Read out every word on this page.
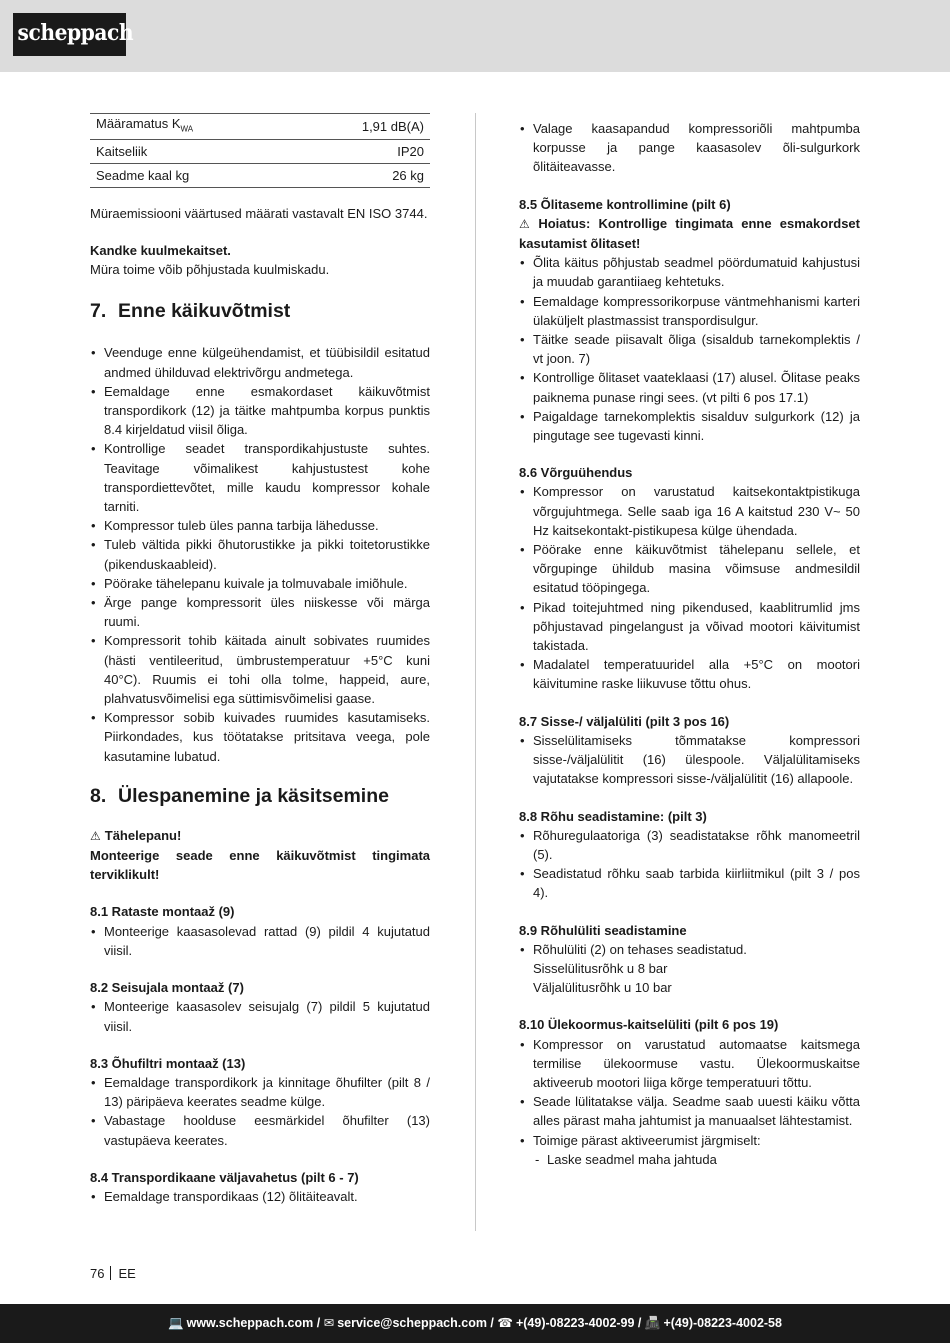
scheppach
Määramatus $K_{WA}$	1,91 dB(A)
Kaitseliik	IP20
Seadme kaal kg	26 kg

Müraemissiooni väärtused määrati vastavalt EN ISO 3744.

Kandke kuulmekaitset.

Müra toime võib põhjustada kuulmiskadu.

7. Enne käikuvõtmist
• Veenduge enne külgeühendamist, et tüübisildil esitatud andmed ühilduvad elektrivõrgu andmetega.
• Eemaldage enne esmakordaset käikuvõtmist transpordikork (12) ja täitke mahtpumba korpus punktis 8.4 kirjeldatud viisil õliga.
• Kontrollige seadet transpordikahjustuste suhtes. Teavitage võimalikest kahjustustest kohe transpordiettevõtet, mille kaudu kompressor kohale tarniti.
• Kompressor tuleb üles panna tarbija lähedusse.
• Tuleb vältida pikki õhutorustikke ja pikki toitetorustikke (pikenduskaableid).
• Pöörake tähelepanu kuivale ja tolmuvabale imiõhule.
• Ärge pange kompressorit üles niiskesse või märga ruumi.
• Kompressorit tohib käitada ainult sobivates ruumides (hästi ventileeritud, ümbrustemperatuur +5°C kuni 40°C). Ruumis ei tohi olla tolme, happeid, aure, plahvatusvõimelisi ega süttimisvõimelisi gaase.
• Kompressor sobib kuivades ruumides kasutamiseks. Piirkondades, kus töötatakse pritsitava veega, pole kasutamine lubatud.
8. Ülespanemine ja käsitsemine

⚠ Tähelepanu!

Monteerige seade enne käikuvõtmist tingimata terviklikult!

8.1 Rataste montaaž (9)
• Monteerige kaasasolevad rattad (9) pildil 4 kujutatud viisil.
8.2 Seisujala montaaž (7)
• Monteerige kaasasolev seisujalg (7) pildil 5 kujutatud viisil.
8.3 Õhufiltri montaaž (13)
• Eemaldage transpordikork ja kinnitage õhufilter (pilt 8 / 13) päripäeva keerates seadme külge.
• Vabastage hoolduse eesmärkidel õhufilter (13) vastupäeva keerates.
8.4 Transpordikaane väljavahetus (pilt 6 - 7)
• Eemaldage transpordikaas (12) õlitäiteavalt.
• Valage kaasapandud kompressoriõli mahtpumba korpusse ja pange kaasasolev õli-sulgurkork õlitäiteavasse.
8.5 Õlitaseme kontrollimine (pilt 6)

⚠ Hoiatus: Kontrollige tingimata enne esmakordset kasutamist õlitaset!

• Õlita käitus põhjustab seadmel pöördumatuid kahjustusi ja muudab garantiiaeg kehtetuks.
• Eemaldage kompressorikorpuse väntmehhanismi karteri ülaküljelt plastmassist transpordisulgur.
• Täitke seade piisavalt õliga (sisaldub tarnekomplektis / vt joon. 7)
• Kontrollige õlitaset vaateklaasi (17) alusel. Õlitase peaks paiknema punase ringi sees. (vt pilti 6 pos 17.1)
• Paigaldage tarnekomplektis sisalduv sulgurkork (12) ja pingutage see tugevasti kinni.
8.6 Võrguühendus
• Kompressor on varustatud kaitsekontaktpistikuga võrgujuhtmega. Selle saab iga 16 A kaitstud 230 V~ 50 Hz kaitsekontakt-pistikupesa külge ühendada.
• Pöörake enne käikuvõtmist tähelepanu sellele, et võrgupinge ühildub masina võimsuse andmesildil esitatud tööpingega.
• Pikad toitejuhtmed ning pikendused, kaablitrumlid jms põhjustavad pingelangust ja võivad mootori käivitumist takistada.
• Madalatel temperatuuridel alla +5°C on mootori käivitumine raske liikuvuse tõttu ohus.
8.7 Sisse-/ väljalüliti (pilt 3 pos 16)
• Sisselülitamiseks tõmmatakse kompressori sisse-/väljalülitit (16) ülespoole. Väljalülitamiseks vajutatakse kompressori sisse-/väljalülitit (16) allapoole.
8.8 Rõhu seadistamine: (pilt 3)
• Rõhuregulaatoriga (3) seadistatakse rõhk manomeetril (5).
• Seadistatud rõhku saab tarbida kiirliitmikul (pilt 3 / pos 4).
8.9 Rõhulüliti seadistamine
• Rõhulüliti (2) on tehases seadistatud.

Sisselülitusrõhk u 8 bar

Väljalülitusrõhk u 10 bar

8.10 Ülekoormus-kaitselüliti (pilt 6 pos 19)
• Kompressor on varustatud automaatse kaitsmega termilise ülekoormuse vastu. Ülekoormuskaitse aktiveerub mootori liiga kõrge temperatuuri tõttu.
• Seade lülitatakse välja. Seadme saab uuesti käiku võtta alles pärast maha jahtumist ja manuaalset lähtestamist.
• Toimige pärast aktiveerumist järgmiselt:

- Laske seadmel maha jahtuda

76 EE
💻 www.scheppach.com / ✉ service@scheppach.com / ☎ +(49)-08223-4002-99 / 📠 +(49)-08223-4002-58
